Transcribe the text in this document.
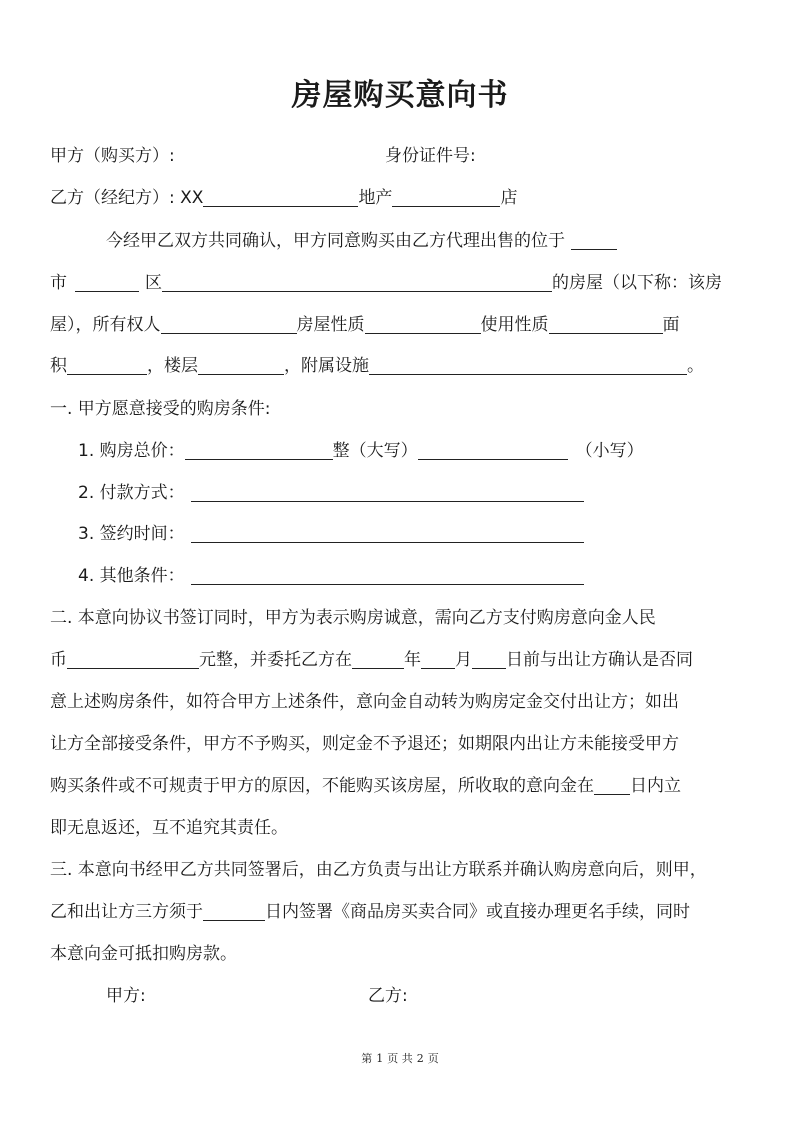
房屋购买意向书
甲方（购买方）:	身份证件号:
乙方（经纪方）: XX	地产	店
今经甲乙双方共同确认，甲方同意购买由乙方代理出售的位于
市	区	的房屋（以下称：该房
屋），所有权人	房屋性质	使用性质	面
积	，楼层	，附属设施	。
一. 甲方愿意接受的购房条件:
1. 购房总价：	整（大写）	（小写）
2. 付款方式：
3. 签约时间：
4. 其他条件：
二. 本意向协议书签订同时，甲方为表示购房诚意，需向乙方支付购房意向金人民
币	元整，并委托乙方在	年 月 日前与出让方确认是否同
意上述购房条件，如符合甲方上述条件，意向金自动转为购房定金交付出让方；如出
让方全部接受条件，甲方不予购买，则定金不予退还；如期限内出让方未能接受甲方
购买条件或不可规责于甲方的原因，不能购买该房屋，所收取的意向金在 日内立
即无息返还，互不追究其责任。
三. 本意向书经甲乙方共同签署后，由乙方负责与出让方联系并确认购房意向后，则甲，
乙和出让方三方须于	日内签署《商品房买卖合同》或直接办理更名手续，同时
本意向金可抵扣购房款。
甲方:	乙方:
第 1 页 共 2 页
